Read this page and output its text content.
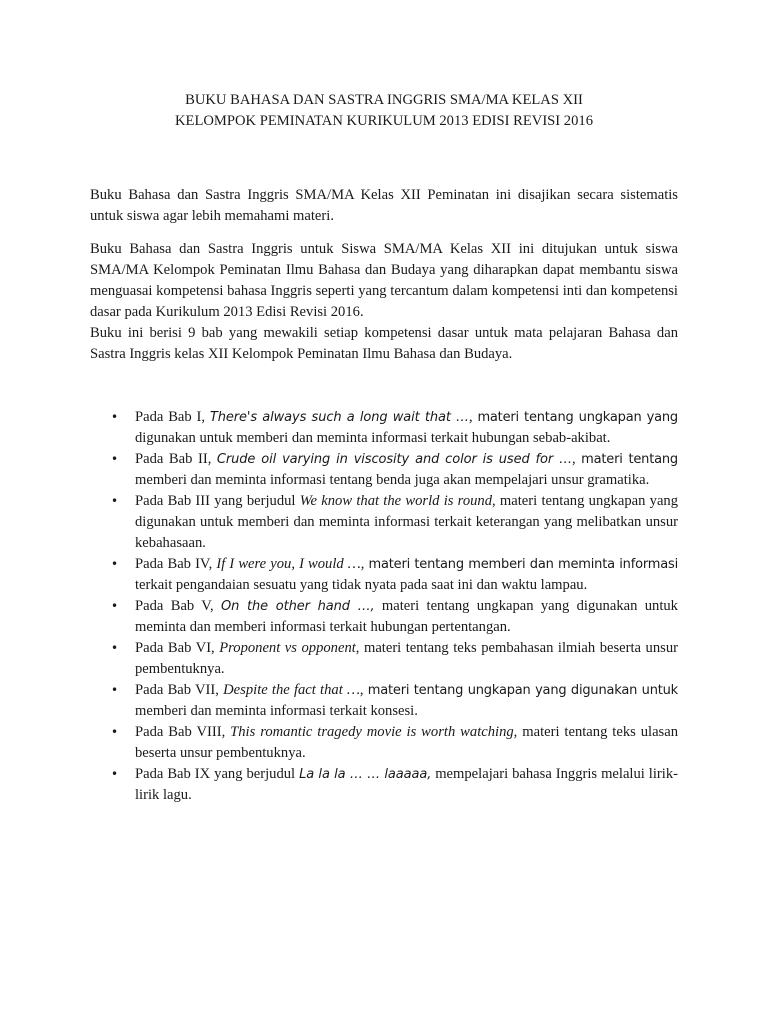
BUKU BAHASA DAN SASTRA INGGRIS SMA/MA KELAS XII
KELOMPOK PEMINATAN KURIKULUM 2013 EDISI REVISI 2016

Buku Bahasa dan Sastra Inggris SMA/MA Kelas XII Peminatan ini disajikan secara sistematis untuk siswa agar lebih memahami materi.

Buku Bahasa dan Sastra Inggris untuk Siswa SMA/MA Kelas XII ini ditujukan untuk siswa SMA/MA Kelompok Peminatan Ilmu Bahasa dan Budaya yang diharapkan dapat membantu siswa menguasai kompetensi bahasa Inggris seperti yang tercantum dalam kompetensi inti dan kompetensi dasar pada Kurikulum 2013 Edisi Revisi 2016.

Buku ini berisi 9 bab yang mewakili setiap kompetensi dasar untuk mata pelajaran Bahasa dan Sastra Inggris kelas XII Kelompok Peminatan Ilmu Bahasa dan Budaya.

• Pada Bab I, There's always such a long wait that …, materi tentang ungkapan yang digunakan untuk memberi dan meminta informasi terkait hubungan sebab-akibat.
• Pada Bab II, Crude oil varying in viscosity and color is used for …, materi tentang memberi dan meminta informasi tentang benda juga akan mempelajari unsur gramatika.
• Pada Bab III yang berjudul We know that the world is round, materi tentang ungkapan yang digunakan untuk memberi dan meminta informasi terkait keterangan yang melibatkan unsur kebahasaan.
• Pada Bab IV, If I were you, I would …, materi tentang memberi dan meminta informasi terkait pengandaian sesuatu yang tidak nyata pada saat ini dan waktu lampau.
• Pada Bab V, On the other hand …, materi tentang ungkapan yang digunakan untuk meminta dan memberi informasi terkait hubungan pertentangan.
• Pada Bab VI, Proponent vs opponent, materi tentang teks pembahasan ilmiah beserta unsur pembentuknya.
• Pada Bab VII, Despite the fact that …, materi tentang ungkapan yang digunakan untuk memberi dan meminta informasi terkait konsesi.
• Pada Bab VIII, This romantic tragedy movie is worth watching, materi tentang teks ulasan beserta unsur pembentuknya.
• Pada Bab IX yang berjudul La la la … … laaaaa, mempelajari bahasa Inggris melalui lirik-lirik lagu.
